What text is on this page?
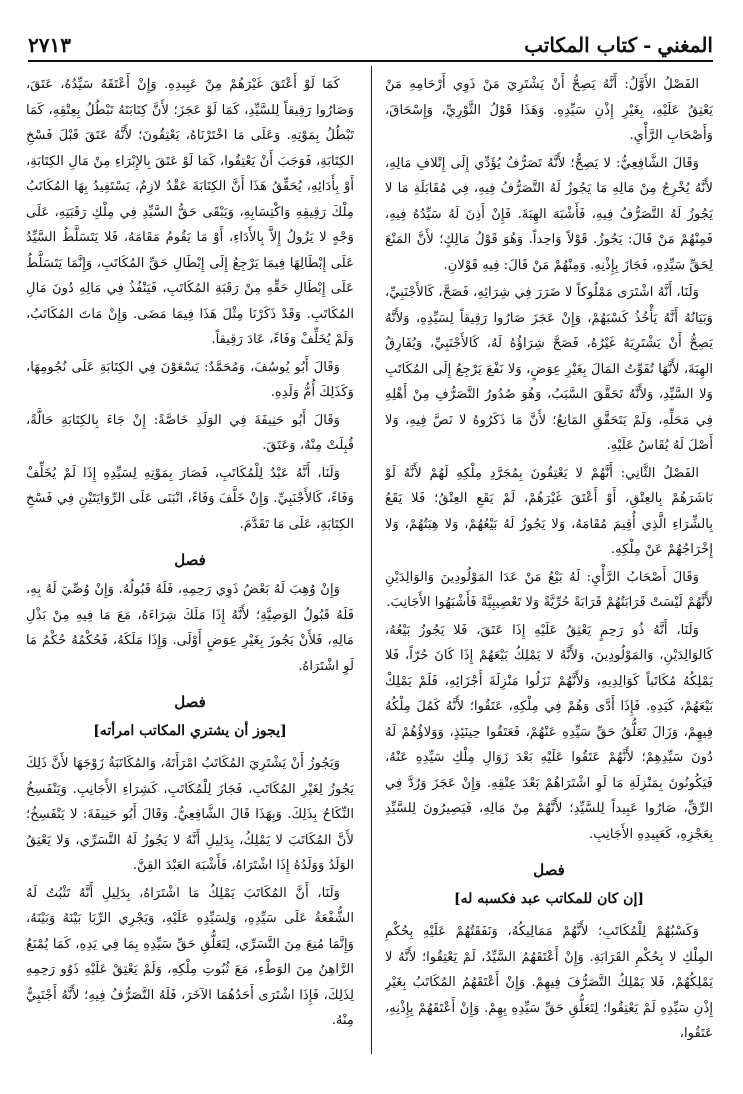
المغني-كتاب المكاتب
٢٧١٣

الفَصْلُ الأَوَّلُ: أَنَّهُ يَصِحُّ أَنْ يَشْتَرِيَ مَنْ ذَوِي أَرْحَامِهِ مَنْ يَعْتِقُ عَلَيْهِ، بِغَيْرِ إِذْنِ سَيِّدِهِ. وَهَذَا قَوْلُ الثَّوْرِيِّ، وَإِسْحَاقَ، وَأَصْحَابِ الرَّأْيِ.

وَقَالَ الشَّافِعِيُّ: لا يَصِحُّ؛ لأَنَّهُ تَصَرُّفٌ يُؤَدِّي إِلَى إِتْلافِ مَالِهِ، لأَنَّهُ يُخْرِجُ مِنْ مَالِهِ مَا يَجُوزُ لَهُ التَّصَرُّفُ فِيهِ، فِي مُقَابَلَةِ مَا لا يَجُوزُ لَهُ التَّصَرُّفُ فِيهِ، فَأَشْبَهَ الهِبَةَ. فَإِنْ أَذِنَ لَهُ سَيِّدُهُ فِيهِ، فَمِنْهُمْ مَنْ قَالَ: يَجُوزُ. قَوْلاً وَاحِداً. وَهُوَ قَوْلُ مَالِكٍ؛ لأَنَّ المَنْعَ لِحَقِّ سَيِّدِهِ، فَجَازَ بِإِذْنِهِ. وَمِنْهُمْ مَنْ قَالَ: فِيهِ قَوْلانِ.

وَلَنَا، أَنَّهُ اشْتَرَى مَمْلُوكاً لا ضَرَرَ فِي شِرَائِهِ، فَصَحَّ، كَالأَجْنَبِيِّ، وَبَيَانُهُ أَنَّهُ يَأْخُذُ كَسْبَهُمْ، وَإِنْ عَجَزَ صَارُوا رَقِيقاً لِسَيِّدِهِ، وَلأَنَّهُ يَصِحُّ أَنْ يَشْتَرِيَهُ غَيْرُهُ، فَصَحَّ شِرَاؤُهُ لَهُ، كَالأَجْنَبِيِّ، وَيُفَارِقُ الهِبَةَ، لأَنَّهَا تُفَوِّتُ المَالَ بِغَيْرِ عِوَضٍ، وَلا نَفْعَ يَرْجِعُ إِلَى المُكَاتَبِ وَلا السَّيِّدِ، وَلأَنَّهُ تَحَقَّقَ السَّبَبُ، وَهُوَ صُدُورُ التَّصَرُّفِ مِنْ أَهْلِهِ فِي مَحَلِّهِ، وَلَمْ يَتَحَقَّقِ المَانِعُ؛ لأَنَّ مَا ذَكَرُوهُ لا نَصَّ فِيهِ، وَلا أَصْلَ لَهُ يُقَاسُ عَلَيْهِ.

الفَصْلُ الثَّانِي: أَنَّهُمْ لا يَعْتِقُونَ بِمُجَرَّدِ مِلْكِهِ لَهُمْ لأَنَّهُ لَوْ بَاشَرَهُمْ بِالعِتْقِ، أَوْ أَعْتَقَ غَيْرَهُمْ، لَمْ يَقَعِ العِتْقُ؛ فَلا يَقَعُ بِالشِّرَاءِ الَّذِي أُقِيمَ مُقَامَهُ، وَلا يَجُوزُ لَهُ بَيْعُهُمْ، وَلا هِبَتُهُمْ، وَلا إِخْرَاجُهُمْ عَنْ مِلْكِهِ.

وَقَالَ أَصْحَابُ الرَّأْيِ: لَهُ بَيْعُ مَنْ عَدَا المَوْلُودِينَ وَالوَالِدَيْنِ لأَنَّهُمْ لَيْسَتْ قَرَابَتُهُمْ قَرَابَةً حُرِّيَّةً وَلا تَعْصِيبِيَّةً فَأَشْبَهُوا الأَجَانِبَ.

وَلَنَا، أَنَّهُ ذُو رَحِمٍ يَعْتِقُ عَلَيْهِ إِذَا عَتَقَ، فَلا يَجُوزُ بَيْعُهُ، كَالوَالِدَيْنِ، وَالمَوْلُودِينَ، وَلأَنَّهُ لا يَمْلِكُ بَيْعَهُمْ إِذَا كَانَ حُرّاً، فَلا يَمْلِكُهُ مُكَاتَباً كَوَالِدِيهِ، وَلأَنَّهُمْ نَزَلُوا مَنْزِلَةَ أَجْزَائِهِ، فَلَمْ يَمْلِكْ بَيْعَهُمْ، كَيَدِهِ. فَإِذَا أَدَّى وَهُمْ فِي مِلْكِهِ، عَتَقُوا؛ لأَنَّهُ كَمُلَ مِلْكُهُ فِيهِمْ، وَزَالَ تَعَلُّقُ حَقِّ سَيِّدِهِ عَنْهُمْ، فَعَتَقُوا حِينَئِذٍ، وَوَلاؤُهُمْ لَهُ دُونَ سَيِّدِهِمْ؛ لأَنَّهُمْ عَتَقُوا عَلَيْهِ بَعْدَ زَوَالِ مِلْكِ سَيِّدِهِ عَنْهُ، فَيَكُونُونَ بِمَنْزِلَةِ مَا لَوِ اشْتَرَاهُمْ بَعْدَ عِتْقِهِ. وَإِنْ عَجَزَ وَرُدَّ فِي الرِّقِّ، صَارُوا عَبِيداً لِلسَّيِّدِ؛ لأَنَّهُمْ مِنْ مَالِهِ، فَيَصِيرُونَ لِلسَّيِّدِ بِعَجْزِهِ، كَعَبِيدِهِ الأَجَانِبِ.

فصل
[إن كان للمكاتب عبد فكسبه له]

وَكَسْبُهُمْ لِلْمُكَاتَبِ؛ لأَنَّهُمْ مَمَالِيكُهُ، وَنَفَقَتُهُمْ عَلَيْهِ بِحُكْمِ المِلْكِ لا بِحُكْمِ القَرَابَةِ. وَإِنْ أَعْتَقَهُمُ السَّيِّدُ، لَمْ يَعْتِقُوا؛ لأَنَّهُ لا يَمْلِكُهُمْ، فَلا يَمْلِكُ التَّصَرُّفَ فِيهِمْ. وَإِنْ أَعْتَقَهُمُ المُكَاتَبُ بِغَيْرِ إِذْنِ سَيِّدِهِ لَمْ يَعْتِقُوا؛ لِتَعَلُّقِ حَقِّ سَيِّدِهِ بِهِمْ. وَإِنْ أَعْتَقَهُمْ بِإِذْنِهِ، عَتَقُوا،

كَمَا لَوْ أَعْتَقَ غَيْرَهُمْ مِنْ عَبِيدِهِ. وَإِنْ أَعْتَقَهُ سَيِّدُهُ، عَتَقَ، وَصَارُوا رَقِيقاً لِلسَّيِّدِ، كَمَا لَوْ عَجَزَ؛ لأَنَّ كِتَابَتَهُ تَبْطُلُ بِعِتْقِهِ، كَمَا تَبْطُلُ بِمَوْتِهِ. وَعَلَى مَا اخْتَرْنَاهُ، يَعْتِقُونَ؛ لأَنَّهُ عَتَقَ قَبْلَ فَسْخِ الكِتَابَةِ، فَوَجَبَ أَنْ يَعْتِقُوا، كَمَا لَوْ عَتَقَ بِالإِبْرَاءِ مِنْ مَالِ الكِتَابَةِ، أَوْ بِأَدَائِهِ، يُحَقِّقُ هَذَا أَنَّ الكِتَابَةَ عَقْدٌ لازِمٌ، يَسْتَفِيدُ بِهَا المُكَاتَبُ مِلْكَ رَقِيقِهِ وَاكْتِسَابِهِ، وَيَبْقَى حَقُّ السَّيِّدِ فِي مِلْكِ رَقَبَتِهِ، عَلَى وَجْهٍ لا يَزُولُ إِلاَّ بِالأَدَاءِ، أَوْ مَا يَقُومُ مَقَامَهُ، فَلا يَتَسَلَّطُ السَّيِّدُ عَلَى إِبْطَالِهَا فِيمَا يَرْجِعُ إِلَى إِبْطَالِ حَقِّ المُكَاتَبِ، وَإِنَّمَا يَتَسَلَّطُ عَلَى إِبْطَالِ حَقِّهِ مِنْ رَقَبَةِ المُكَاتَبِ، فَيَنْفُذُ فِي مَالِهِ دُونَ مَالِ المُكَاتَبِ. وَقَدْ ذَكَرْنَا مِثْلَ هَذَا فِيمَا مَضَى. وَإِنْ مَاتَ المُكَاتَبُ، وَلَمْ يُخَلِّفْ وَفَاءً، عَادَ رَقِيقاً.

وَقَالَ أَبُو يُوسُفَ، وَمُحَمَّدٌ: يَسْعَوْنَ فِي الكِتَابَةِ عَلَى نُجُومِهَا، وَكَذَلِكَ أُمُّ وَلَدِهِ.

وَقَالَ أَبُو حَنِيفَةَ فِي الوَلَدِ خَاصَّةً: إِنْ جَاءَ بِالكِتَابَةِ حَالَّةً، قُبِلَتْ مِنْهُ، وَعَتَقَ.

وَلَنَا، أَنَّهُ عَبْدٌ لِلْمُكَاتَبِ، فَصَارَ بِمَوْتِهِ لِسَيِّدِهِ إِذَا لَمْ يُخَلِّفْ وَفَاءً، كَالأَجْنَبِيِّ. وَإِنْ خَلَّفَ وَفَاءً، انْبَنَى عَلَى الرِّوَايَتَيْنِ فِي فَسْخِ الكِتَابَةِ، عَلَى مَا تَقَدَّمَ.

فصل

وَإِنْ وُهِبَ لَهُ بَعْضُ ذَوِي رَحِمِهِ، فَلَهُ قَبُولُهُ. وَإِنْ وُصِّيَ لَهُ بِهِ، فَلَهُ قَبُولُ الوَصِيَّةِ؛ لأَنَّهُ إِذَا مَلَكَ شِرَاءَهُ، مَعَ مَا فِيهِ مِنْ بَذْلِ مَالِهِ، فَلأَنْ يَجُوزَ بِغَيْرِ عِوَضٍ أَوْلَى. وَإِذَا مَلَكَهُ، فَحُكْمُهُ حُكْمُ مَا لَوِ اشْتَرَاهُ.

فصل
[يجوز أن يشتري المكاتب امرأته]

وَيَجُوزُ أَنْ يَشْتَرِيَ المُكَاتَبُ امْرَأَتَهُ، وَالمُكَاتَبَةُ زَوْجَهَا لأَنَّ ذَلِكَ يَجُوزُ لِغَيْرِ المُكَاتَبِ، فَجَازَ لِلْمُكَاتَبِ، كَشِرَاءِ الأَجَانِبِ. وَيَنْفَسِخُ النِّكَاحُ بِذَلِكَ. وَبِهَذَا قَالَ الشَّافِعِيُّ. وَقَالَ أَبُو حَنِيفَةَ: لا يَنْفَسِخُ؛ لأَنَّ المُكَاتَبَ لا يَمْلِكُ، بِدَلِيلِ أَنَّهُ لا يَجُوزُ لَهُ التَّسَرِّي، وَلا يَعْتِقُ الوَلَدُ وَوَلَدُهُ إِذَا اشْتَرَاهُ، فَأَشْبَهَ العَبْدَ القِنَّ.

وَلَنَا، أَنَّ المُكَاتَبَ يَمْلِكُ مَا اشْتَرَاهُ، بِدَلِيلِ أَنَّهُ تَثْبُتُ لَهُ الشُّفْعَةُ عَلَى سَيِّدِهِ، وَلِسَيِّدِهِ عَلَيْهِ، وَيَجْرِي الرِّبَا بَيْنَهُ وَبَيْنَهُ، وَإِنَّمَا مُنِعَ مِنَ التَّسَرِّي، لِتَعَلُّقِ حَقِّ سَيِّدِهِ بِمَا فِي يَدِهِ، كَمَا يُمْنَعُ الرَّاهِنُ مِنَ الوَطْءِ، مَعَ ثُبُوتِ مِلْكِهِ، وَلَمْ يَعْتِقْ عَلَيْهِ ذَوُو رَحِمِهِ لِذَلِكَ، فَإِذَا اشْتَرَى أَحَدُهُمَا الآخَرَ، فَلَهُ التَّصَرُّفُ فِيهِ؛ لأَنَّهُ أَجْنَبِيٌّ مِنْهُ.
